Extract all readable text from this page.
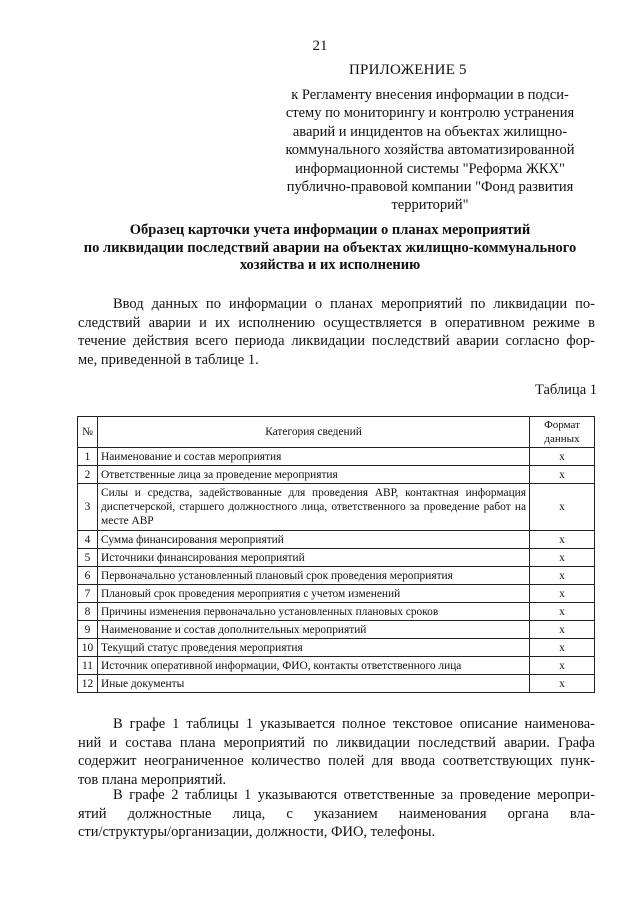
21
ПРИЛОЖЕНИЕ 5
к Регламенту внесения информации в подси-
стему по мониторингу и контролю устранения
аварий и инцидентов на объектах жилищно-
коммунального хозяйства автоматизированной
информационной системы "Реформа ЖКХ"
публично-правовой компании "Фонд развития
территорий"
Образец карточки учета информации о планах мероприятий
по ликвидации последствий аварии на объектах жилищно-коммунального
хозяйства и их исполнению
Ввод данных по информации о планах мероприятий по ликвидации по-
следствий аварии и их исполнению осуществляется в оперативном режиме в
течение действия всего периода ликвидации последствий аварии согласно фор-
ме, приведенной в таблице 1.
Таблица 1
№	Категория сведений	Формат данных
1	Наименование и состав мероприятия	х
2	Ответственные лица за проведение мероприятия	х
3	Силы и средства, задействованные для проведения АВР, контактная информация диспетчерской, старшего должностного лица, ответственного за проведение работ на месте АВР	х
4	Сумма финансирования мероприятий	х
5	Источники финансирования мероприятий	х
6	Первоначально установленный плановый срок проведения мероприятия	х
7	Плановый срок проведения мероприятия с учетом изменений	х
8	Причины изменения первоначально установленных плановых сроков	х
9	Наименование и состав дополнительных мероприятий	х
10	Текущий статус проведения мероприятия	х
11	Источник оперативной информации, ФИО, контакты ответственного лица	х
12	Иные документы	х
В графе 1 таблицы 1 указывается полное текстовое описание наименова-
ний и состава плана мероприятий по ликвидации последствий аварии. Графа
содержит неограниченное количество полей для ввода соответствующих пунк-
тов плана мероприятий.
В графе 2 таблицы 1 указываются ответственные за проведение меропри-
ятий должностные лица, с указанием наименования органа вла-
сти/структуры/организации, должности, ФИО, телефоны.
